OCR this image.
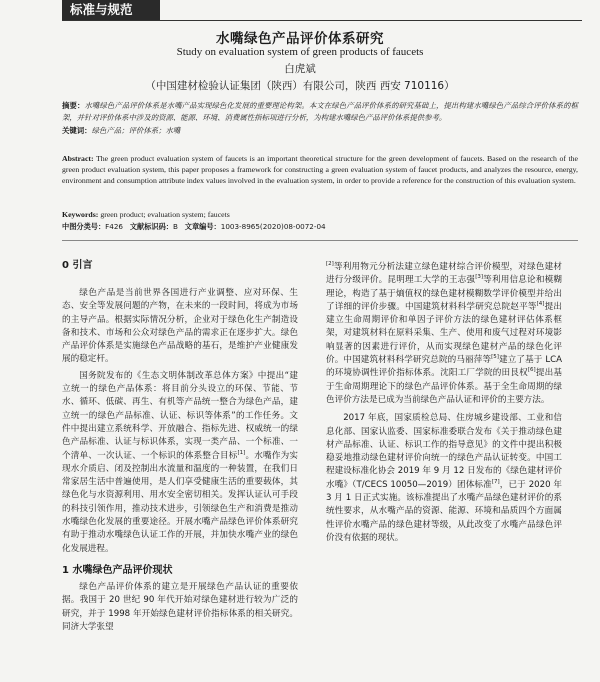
标准与规范
水嘴绿色产品评价体系研究
Study on evaluation system of green products of faucets
白虎斌
（中国建材检验认证集团（陕西）有限公司，陕西 西安 710116）
摘要：水嘴绿色产品评价体系是水嘴产品实现绿色化发展的重要理论构架。本文在绿色产品评价体系的研究基础上，提出构建水嘴绿色产品综合评价体系的框架，并针对评价体系中涉及的资源、能源、环境、消费属性指标项进行分析，为构建水嘴绿色产品评价体系提供参考。
关键词：绿色产品；评价体系；水嘴
Abstract: The green product evaluation system of faucets is an important theoretical structure for the green development of faucets. Based on the research of the green product evaluation system, this paper proposes a framework for constructing a green evaluation system of faucet products, and analyzes the resource, energy, environment and consumption attribute index values involved in the evaluation system, in order to provide a reference for the construction of this evaluation system.
Keywords: green product; evaluation system; faucets
中图分类号：F426 文献标识码：B 文章编号：1003-8965(2020)08-0072-04
0 引言

绿色产品是当前世界各国进行产业调整、应对环保、生态、安全等发展问题的产物，在未来的一段时间，将成为市场的主导产品。根据实际情况分析，企业对于绿色化生产制造设备和技术、市场和公众对绿色产品的需求正在逐步扩大。绿色产品评价体系是实施绿色产品战略的基石，是维护产业健康发展的稳定杆。

国务院发布的《生态文明体制改革总体方案》中提出“建立统一的绿色产品体系：将目前分头设立的环保、节能、节水、循环、低碳、再生、有机等产品统一整合为绿色产品，建立统一的绿色产品标准、认证、标识等体系”的工作任务。文件中提出建立系统科学、开放融合、指标先进、权威统一的绿色产品标准、认证与标识体系，实现一类产品、一个标准、一个清单、一次认证、一个标识的体系整合目标[1]。水嘴作为实现水介质启、闭及控制出水流量和温度的一种装置，在我们日常家居生活中普遍使用，是人们享受健康生活的重要载体，其绿色化与水资源利用、用水安全密切相关。发挥认证认可手段的科技引领作用，推动技术进步，引领绿色生产和消费是推动水嘴绿色化发展的重要途径。开展水嘴产品绿色评价体系研究有助于推动水嘴绿色认证工作的开展，并加快水嘴产业的绿色化发展进程。

1 水嘴绿色产品评价现状

绿色产品评价体系的建立是开展绿色产品认证的重要依据。我国于 20 世纪 90 年代开始对绿色建材进行较为广泛的研究，并于 1998 年开始绿色建材评价指标体系的相关研究。同济大学张望

[2]等利用物元分析法建立绿色建材综合评价模型，对绿色建材进行分级评价。昆明理工大学的王志强[3]等利用信息论和模糊理论，构造了基于熵值权的绿色建材模糊数学评价模型并给出了详细的评价步骤。中国建筑材料科学研究总院赵平等[4]提出建立生命周期评价和单因子评价方法的绿色建材评估体系框架，对建筑材料在原料采集、生产、使用和废气过程对环境影响显著的因素进行评价，从而实现绿色建材产品的绿色化评价。中国建筑材料科学研究总院的马丽萍等[5]建立了基于 LCA 的环境协调性评价指标体系。沈阳工厂学院的田艮权[6]提出基于生命周期理论下的绿色产品评价体系。基于全生命周期的绿色评价方法是已成为当前绿色产品认证和评价的主要方法。

2017 年底，国家质检总局、住房城乡建设部、工业和信息化部、国家认监委、国家标准委联合发布《关于推动绿色建材产品标准、认证、标识工作的指导意见》的文件中提出积极稳妥地推动绿色建材评价向统一的绿色产品认证转变。中国工程建设标准化协会 2019 年 9 月 12 日发布的《绿色建材评价 水嘴》（T/CECS 10050—2019）团体标准[7]，已于 2020 年 3 月 1 日正式实施。该标准提出了水嘴产品绿色建材评价的系统性要求，从水嘴产品的资源、能源、环境和品质四个方面属性评价水嘴产品的绿色建材等级，从此改变了水嘴产品绿色评价没有依据的现状。
